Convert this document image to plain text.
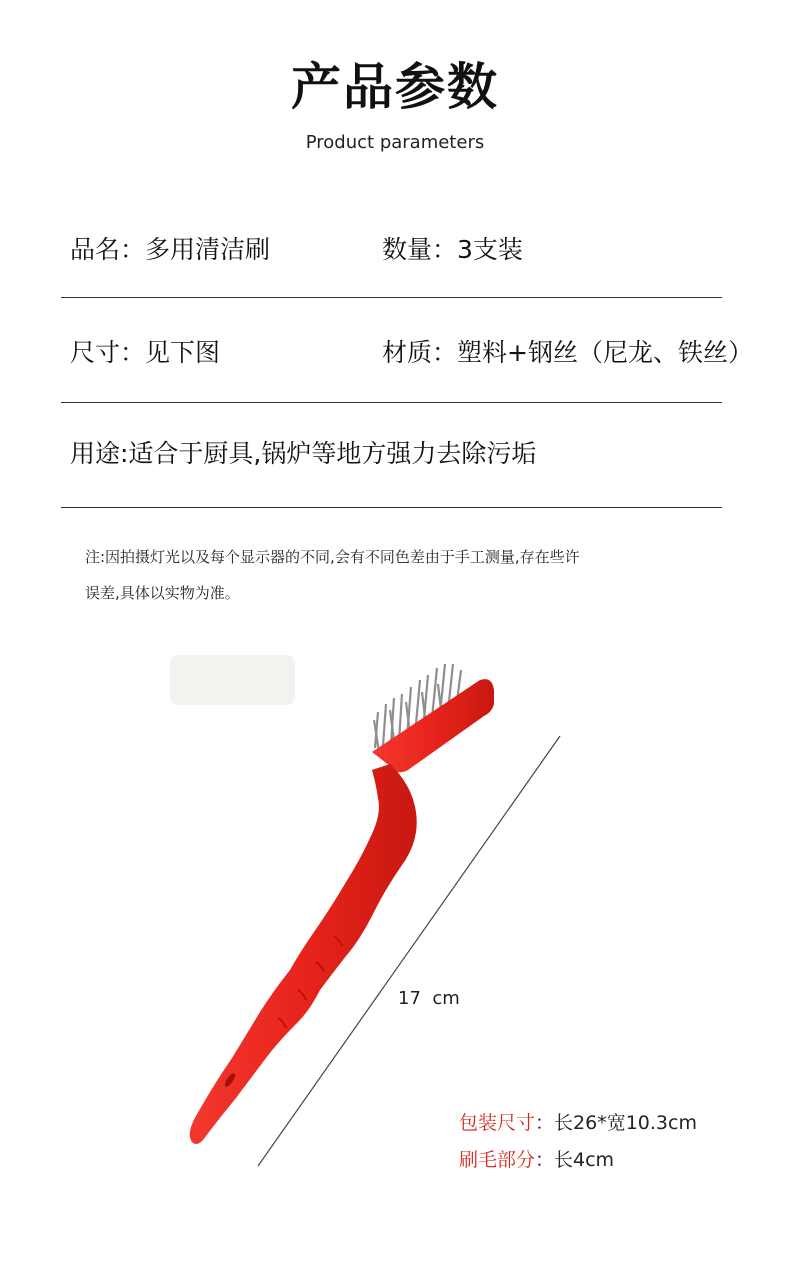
产品参数
Product parameters
品名：多用清洁刷	数量：3支装
尺寸：见下图	材质：塑料+钢丝（尼龙、铁丝）
用途:适合于厨具,锅炉等地方强力去除污垢
注:因拍摄灯光以及每个显示器的不同,会有不同色差由于手工测量,存在些许
误差,具体以实物为准。
17  cm
包装尺寸：长26*宽10.3cm
刷毛部分：长4cm
